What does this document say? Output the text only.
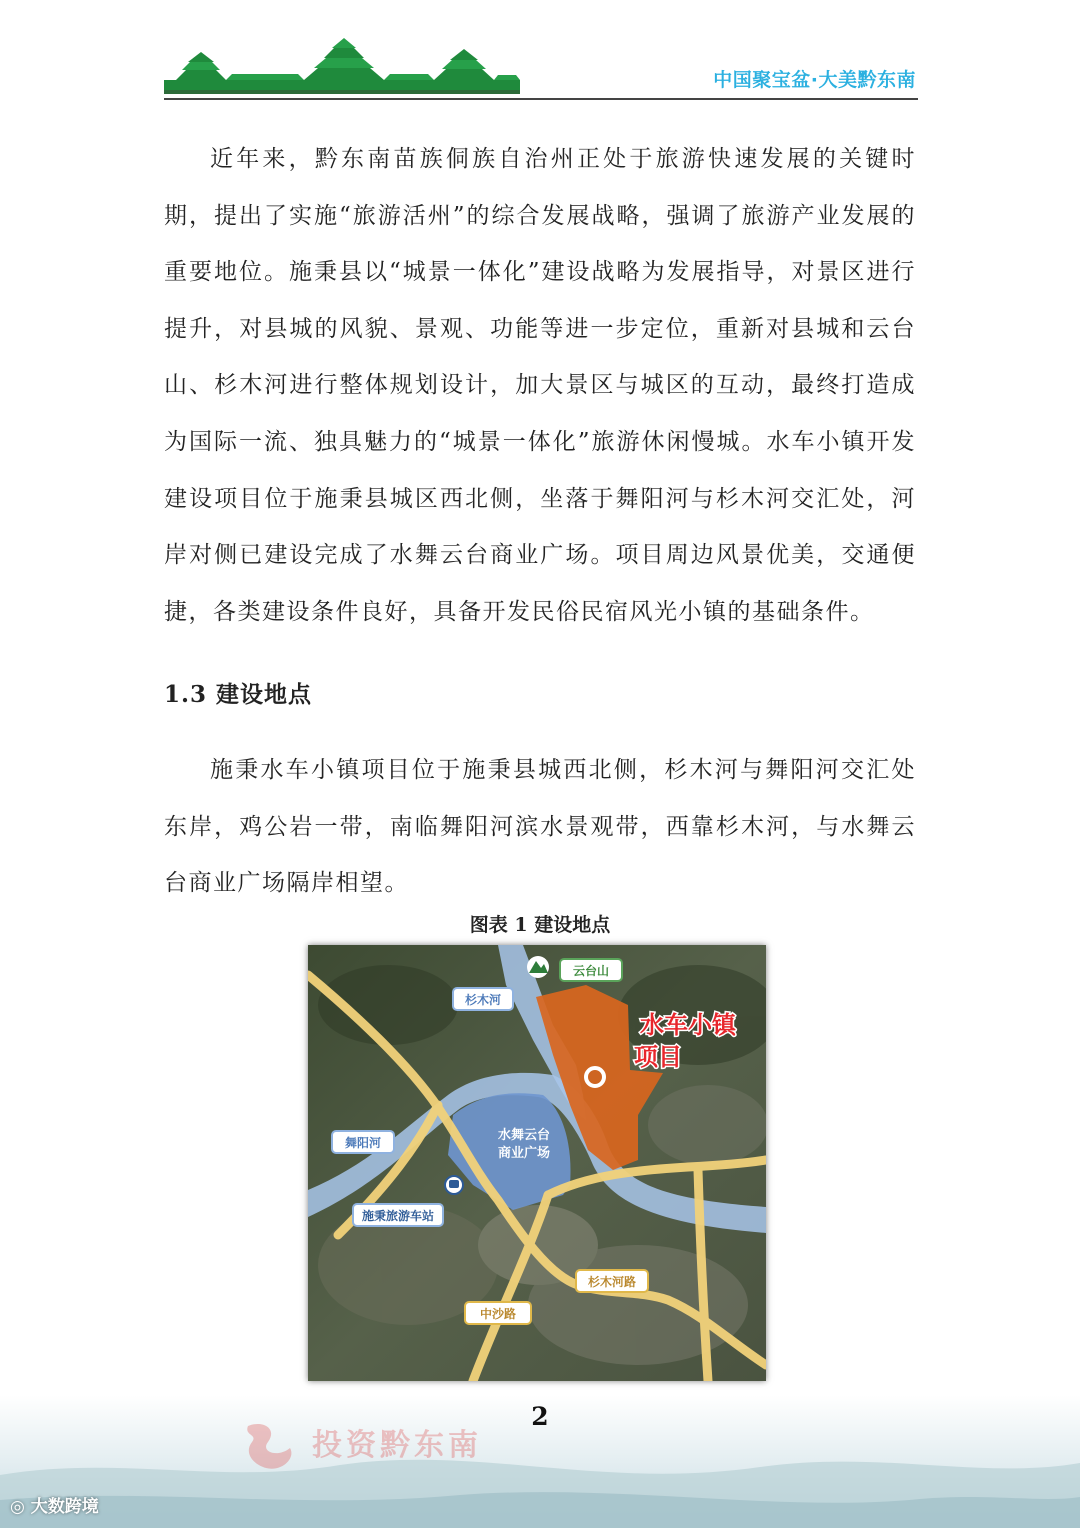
中国聚宝盆·大美黔东南

近年来，黔东南苗族侗族自治州正处于旅游快速发展的关键时期，提出了实施“旅游活州”的综合发展战略，强调了旅游产业发展的重要地位。施秉县以“城景一体化”建设战略为发展指导，对景区进行提升，对县城的风貌、景观、功能等进一步定位，重新对县城和云台山、杉木河进行整体规划设计，加大景区与城区的互动，最终打造成为国际一流、独具魅力的“城景一体化”旅游休闲慢城。水车小镇开发建设项目位于施秉县城区西北侧，坐落于舞阳河与杉木河交汇处，河岸对侧已建设完成了水舞云台商业广场。项目周边风景优美，交通便捷，各类建设条件良好，具备开发民俗民宿风光小镇的基础条件。

1.3 建设地点

施秉水车小镇项目位于施秉县城西北侧，杉木河与舞阳河交汇处东岸，鸡公岩一带，南临舞阳河滨水景观带，西靠杉木河，与水舞云台商业广场隔岸相望。

图表 1 建设地点
云台山
杉木河
舞阳河
施秉旅游车站
杉木河路
中沙路
水舞云台
商业广场
水车小镇
项目
2
投资黔东南
◎ 大数跨境
